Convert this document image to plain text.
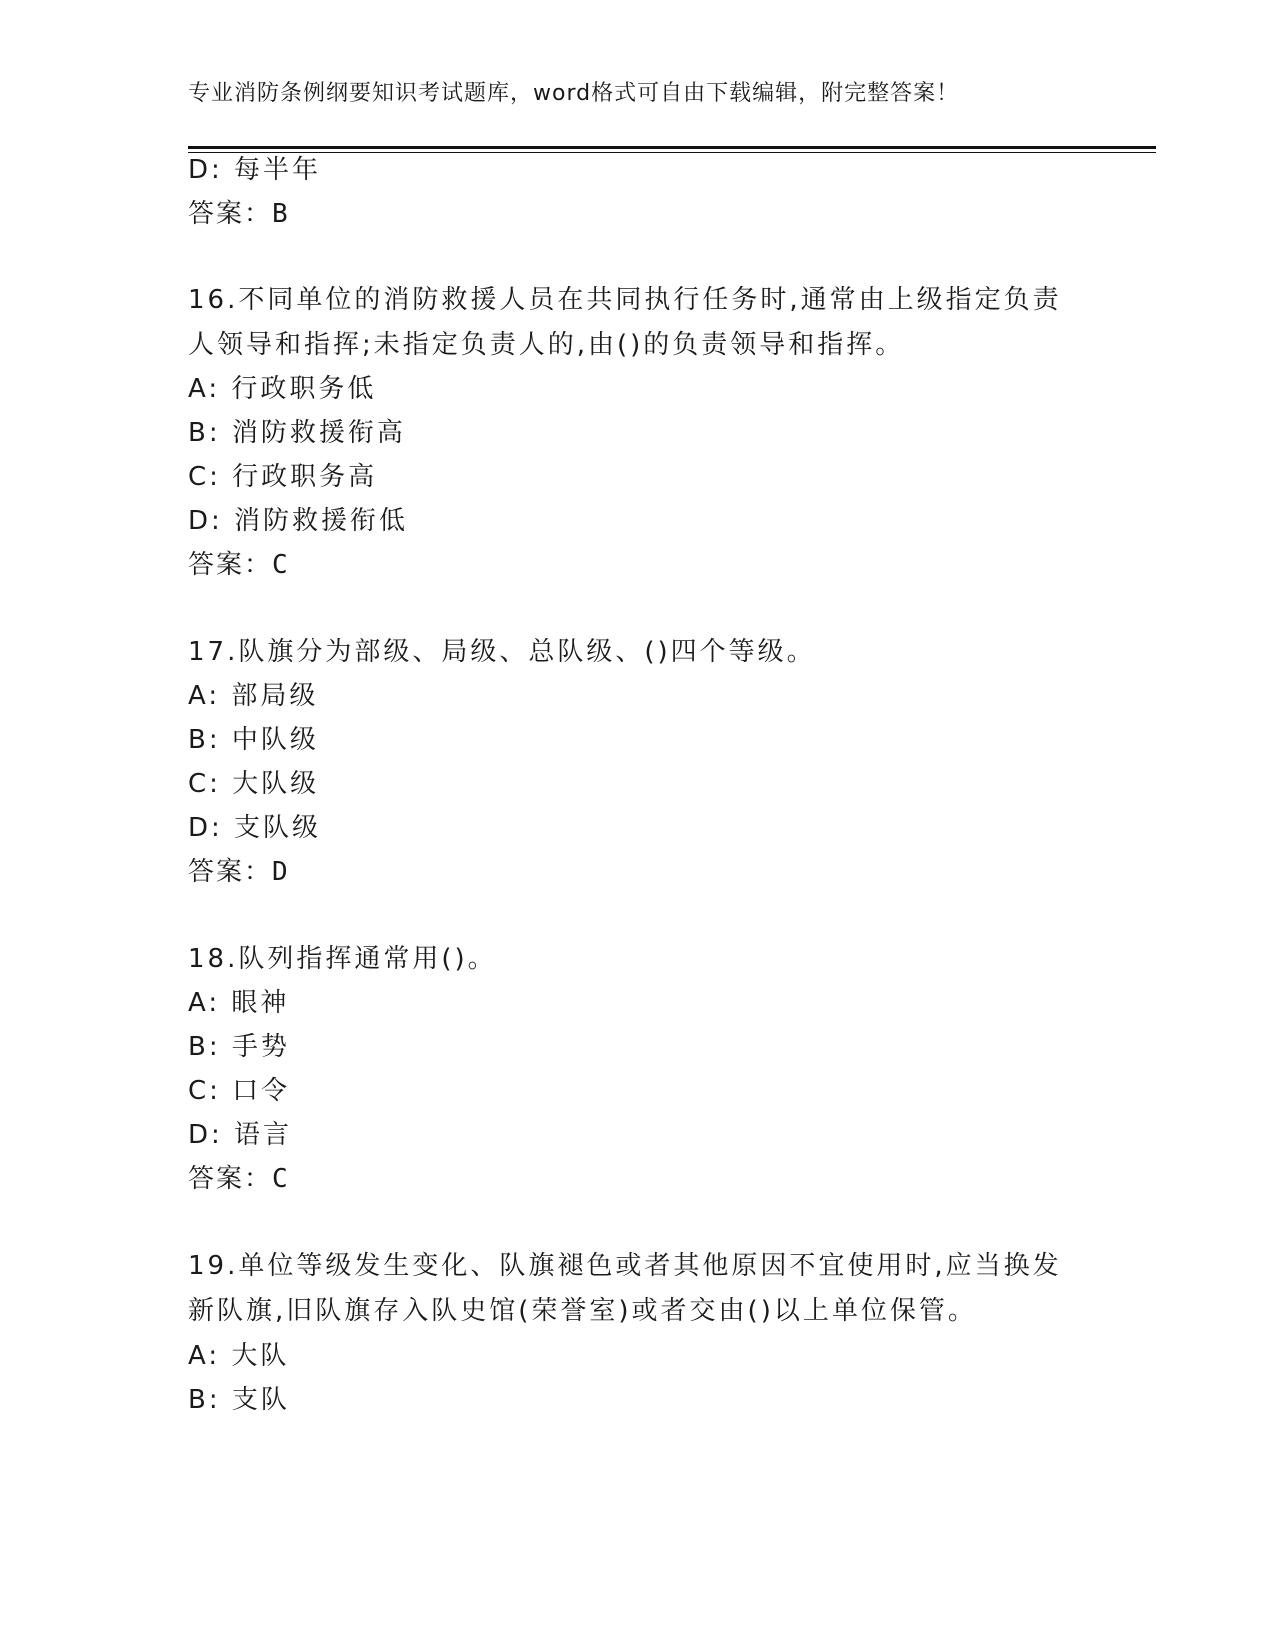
专业消防条例纲要知识考试题库，word格式可自由下载编辑，附完整答案！
D: 每半年
答案：B
16.不同单位的消防救援人员在共同执行任务时,通常由上级指定负责
人领导和指挥;未指定负责人的,由()的负责领导和指挥。
A: 行政职务低
B: 消防救援衔高
C: 行政职务高
D: 消防救援衔低
答案：C
17.队旗分为部级、局级、总队级、()四个等级。
A: 部局级
B: 中队级
C: 大队级
D: 支队级
答案：D
18.队列指挥通常用()。
A: 眼神
B: 手势
C: 口令
D: 语言
答案：C
19.单位等级发生变化、队旗褪色或者其他原因不宜使用时,应当换发
新队旗,旧队旗存入队史馆(荣誉室)或者交由()以上单位保管。
A: 大队
B: 支队
